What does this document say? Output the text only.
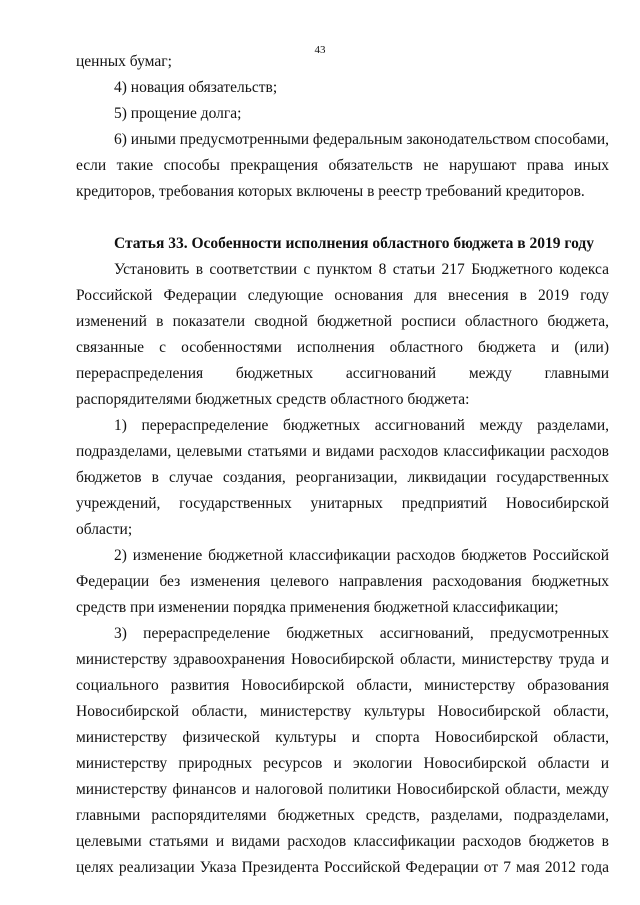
43

ценных бумаг;

4) новация обязательств;

5) прощение долга;

6) иными предусмотренными федеральным законодательством способами, если такие способы прекращения обязательств не нарушают права иных кредиторов, требования которых включены в реестр требований кредиторов.

Статья 33. Особенности исполнения областного бюджета в 2019 году

Установить в соответствии с пунктом 8 статьи 217 Бюджетного кодекса Российской Федерации следующие основания для внесения в 2019 году изменений в показатели сводной бюджетной росписи областного бюджета, связанные с особенностями исполнения областного бюджета и (или) перераспределения бюджетных ассигнований между главными распорядителями бюджетных средств областного бюджета:

1) перераспределение бюджетных ассигнований между разделами, подразделами, целевыми статьями и видами расходов классификации расходов бюджетов в случае создания, реорганизации, ликвидации государственных учреждений, государственных унитарных предприятий Новосибирской области;

2) изменение бюджетной классификации расходов бюджетов Российской Федерации без изменения целевого направления расходования бюджетных средств при изменении порядка применения бюджетной классификации;

3) перераспределение бюджетных ассигнований, предусмотренных министерству здравоохранения Новосибирской области, министерству труда и социального развития Новосибирской области, министерству образования Новосибирской области, министерству культуры Новосибирской области, министерству физической культуры и спорта Новосибирской области, министерству природных ресурсов и экологии Новосибирской области и министерству финансов и налоговой политики Новосибирской области, между главными распорядителями бюджетных средств, разделами, подразделами, целевыми статьями и видами расходов классификации расходов бюджетов в целях реализации Указа Президента Российской Федерации от 7 мая 2012 года
